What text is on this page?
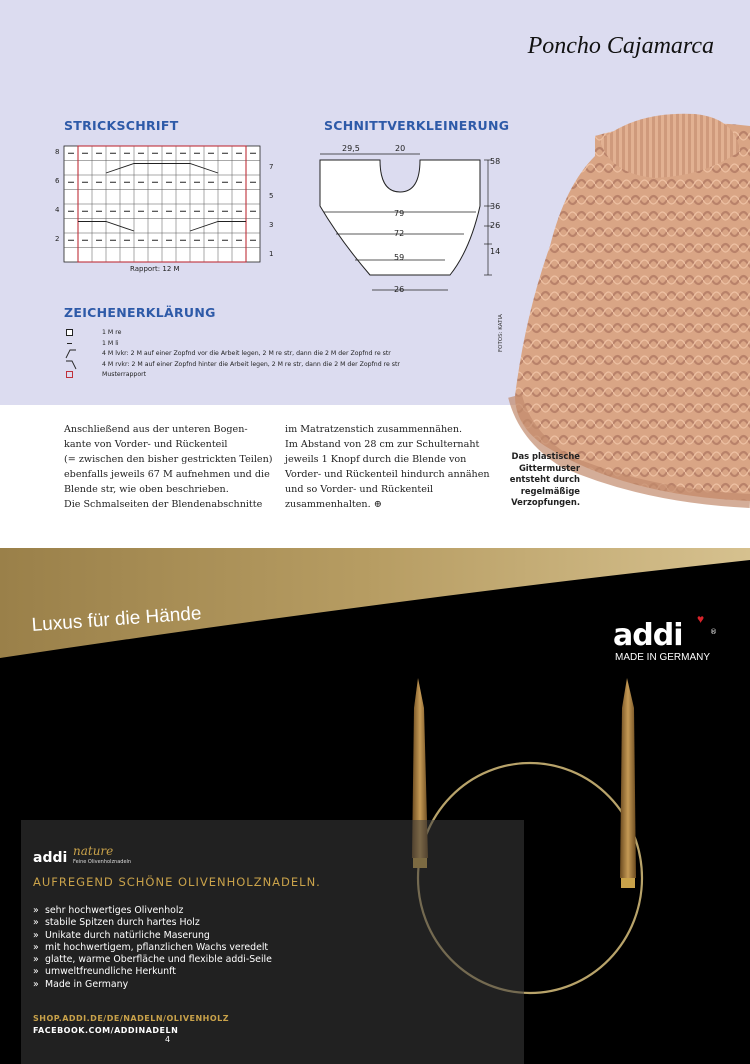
Poncho Cajamarca
STRICKSCHRIFT	SCHNITTVERKLEINERUNG
ZEICHENERKLÄRUNG
8
6
4
2
7
5
3
1
Rapport: 12 M
29,5	20
79
72
59
26
58
36
26
14
1 M re
1 M li
4 M lvkr: 2 M auf einer Zopfnd vor die Arbeit legen, 2 M re str, dann die 2 M der Zopfnd re str
4 M rvkr: 2 M auf einer Zopfnd hinter die Arbeit legen, 2 M re str, dann die 2 M der Zopfnd re str
Musterrapport
FOTOS: KATIA

Anschließend aus der unteren Bogen-

kante von Vorder- und Rückenteil

(= zwischen den bisher gestrickten Teilen)

ebenfalls jeweils 67 M aufnehmen und die

Blende str, wie oben beschrieben.

Die Schmalseiten der Blendenabschnitte

im Matratzenstich zusammennähen.

Im Abstand von 28 cm zur Schulternaht

jeweils 1 Knopf durch die Blende von

Vorder- und Rückenteil hindurch annähen

und so Vorder- und Rückenteil

zusammenhalten. ⊕

Das plastische
Gittermuster
entsteht durch
regelmäßige
Verzopfungen.
Luxus für die Hände	addi ♥
®
MADE IN GERMANY
addi nature
Feine Olivenholznadeln
AUFREGEND SCHÖNE OLIVENHOLZNADELN.
» sehr hochwertiges Olivenholz
» stabile Spitzen durch hartes Holz
» Unikate durch natürliche Maserung
» mit hochwertigem, pflanzlichen Wachs veredelt
» glatte, warme Oberfläche und flexible addi-Seile
» umweltfreundliche Herkunft
» Made in Germany
SHOP.ADDI.DE/DE/NADELN/OLIVENHOLZ
FACEBOOK.COM/ADDINADELN
4
